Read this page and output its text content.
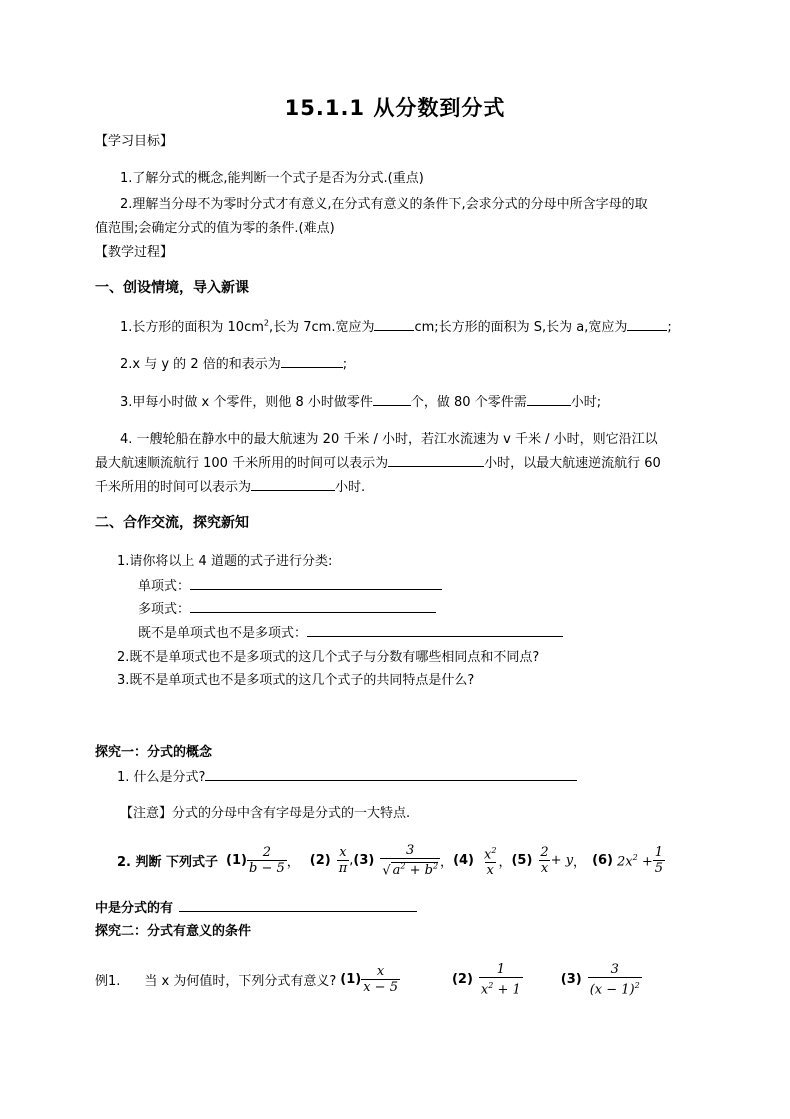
15.1.1 从分数到分式
【学习目标】
1.了解分式的概念,能判断一个式子是否为分式.(重点)
2.理解当分母不为零时分式才有意义,在分式有意义的条件下,会求分式的分母中所含字母的取
值范围;会确定分式的值为零的条件.(难点)
【教学过程】
一、创设情境，导入新课
1.长方形的面积为 $10cm^2$,长为 7cm.宽应为	cm;长方形的面积为 S,长为 a,宽应为	;
2.x 与 y 的 2 倍的和表示为	;
3.甲每小时做 x 个零件，则他 8 小时做零件	个，做 80 个零件需	小时;
4. 一艘轮船在静水中的最大航速为 20 千米 / 小时，若江水流速为 v 千米 / 小时，则它沿江以
最大航速顺流航行 100 千米所用的时间可以表示为	小时，以最大航速逆流航行 60
千米所用的时间可以表示为	小时.
二、合作交流，探究新知
1.请你将以上 4 道题的式子进行分类:
单项式：
多项式：
既不是单项式也不是多项式：
2.既不是单项式也不是多项式的这几个式子与分数有哪些相同点和不同点?
3.既不是单项式也不是多项式的这几个式子的共同特点是什么?
探究一：分式的概念
1. 什么是分式?
【注意】分式的分母中含有字母是分式的一大特点.
2. 判断 下列式子 $(1) \frac{2}{b - 5}$ ， $(2) \frac{x}{\pi}$ , $(3) \frac{3}{√ a^2 + b^2}$ ， $(4) \frac{x^2}{x}$ ， $(5) \frac{2}{x} + y$ ， (6) $2x^2 + \frac{1}{5}$
中是分式的有
探究二：分式有意义的条件
例1. 当 x 为何值时，下列分式有意义? $(1) \frac{x}{x - 5}$	$(2) \frac{1}{x^2 + 1}$	$(3) \frac{3}{(x - 1)^2}$
